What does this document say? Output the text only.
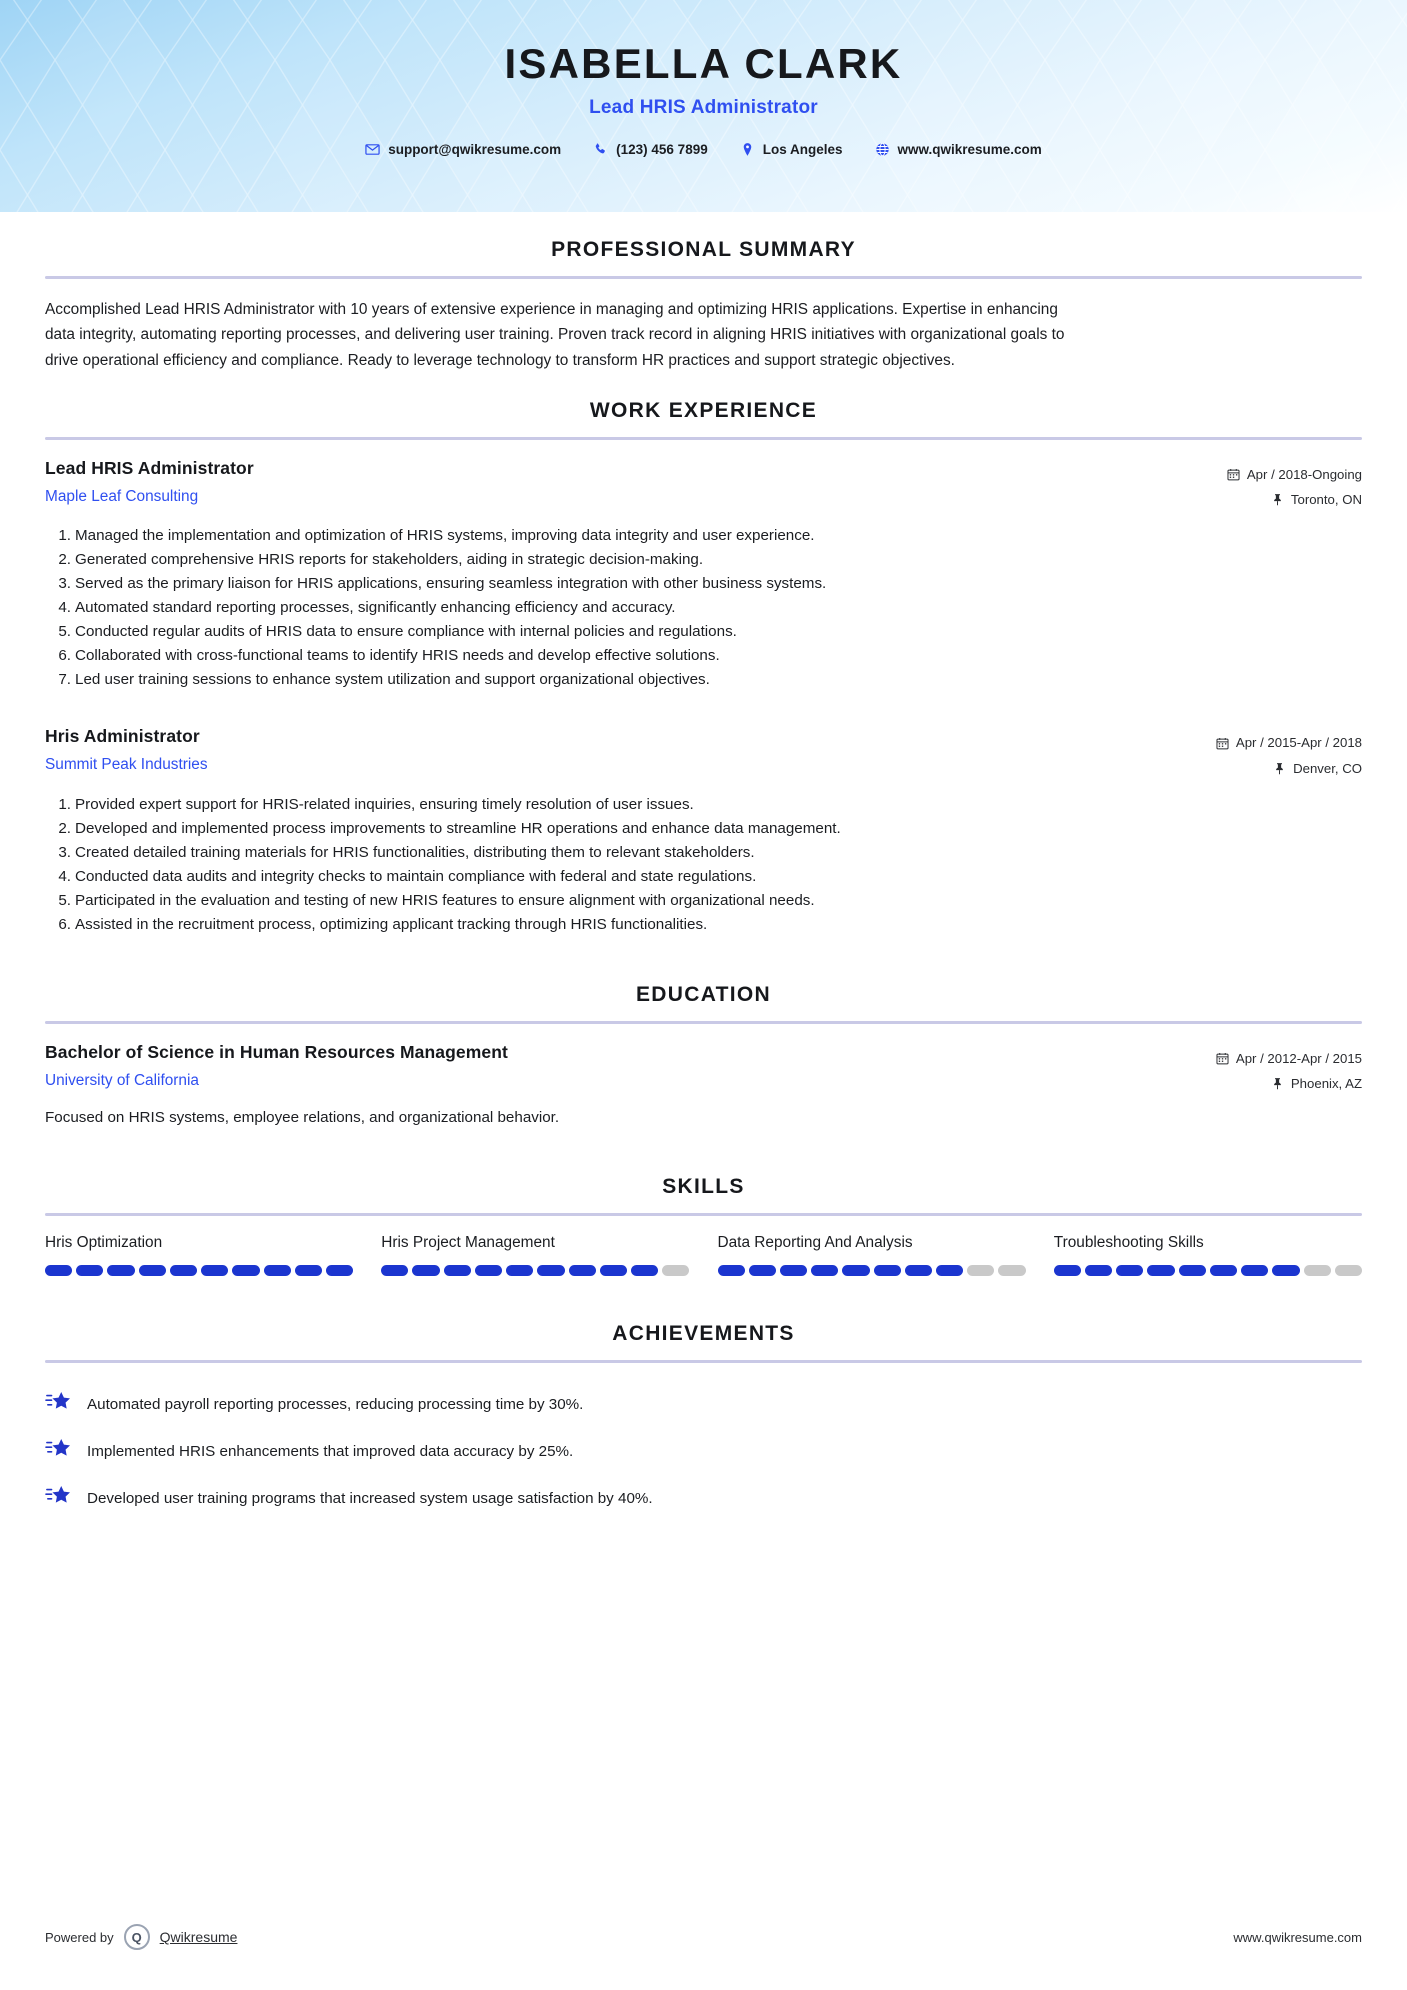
ISABELLA CLARK
Lead HRIS Administrator
support@qwikresume.com	(123) 456 7899	Los Angeles	www.qwikresume.com
PROFESSIONAL SUMMARY

Accomplished Lead HRIS Administrator with 10 years of extensive experience in managing and optimizing HRIS applications. Expertise in enhancing data integrity, automating reporting processes, and delivering user training. Proven track record in aligning HRIS initiatives with organizational goals to drive operational efficiency and compliance. Ready to leverage technology to transform HR practices and support strategic objectives.

WORK EXPERIENCE
Lead HRIS Administrator
Maple Leaf Consulting
Apr / 2018-Ongoing
Toronto, ON
Managed the implementation and optimization of HRIS systems, improving data integrity and user experience.
Generated comprehensive HRIS reports for stakeholders, aiding in strategic decision-making.
Served as the primary liaison for HRIS applications, ensuring seamless integration with other business systems.
Automated standard reporting processes, significantly enhancing efficiency and accuracy.
Conducted regular audits of HRIS data to ensure compliance with internal policies and regulations.
Collaborated with cross-functional teams to identify HRIS needs and develop effective solutions.
Led user training sessions to enhance system utilization and support organizational objectives.
Hris Administrator
Summit Peak Industries
Apr / 2015-Apr / 2018
Denver, CO
Provided expert support for HRIS-related inquiries, ensuring timely resolution of user issues.
Developed and implemented process improvements to streamline HR operations and enhance data management.
Created detailed training materials for HRIS functionalities, distributing them to relevant stakeholders.
Conducted data audits and integrity checks to maintain compliance with federal and state regulations.
Participated in the evaluation and testing of new HRIS features to ensure alignment with organizational needs.
Assisted in the recruitment process, optimizing applicant tracking through HRIS functionalities.
EDUCATION
Bachelor of Science in Human Resources Management
University of California
Apr / 2012-Apr / 2015
Phoenix, AZ
Focused on HRIS systems, employee relations, and organizational behavior.
SKILLS
Hris Optimization	Hris Project Management	Data Reporting And Analysis	Troubleshooting Skills
ACHIEVEMENTS
Automated payroll reporting processes, reducing processing time by 30%.
Implemented HRIS enhancements that improved data accuracy by 25%.
Developed user training programs that increased system usage satisfaction by 40%.
Powered by Q Qwikresume	www.qwikresume.com
